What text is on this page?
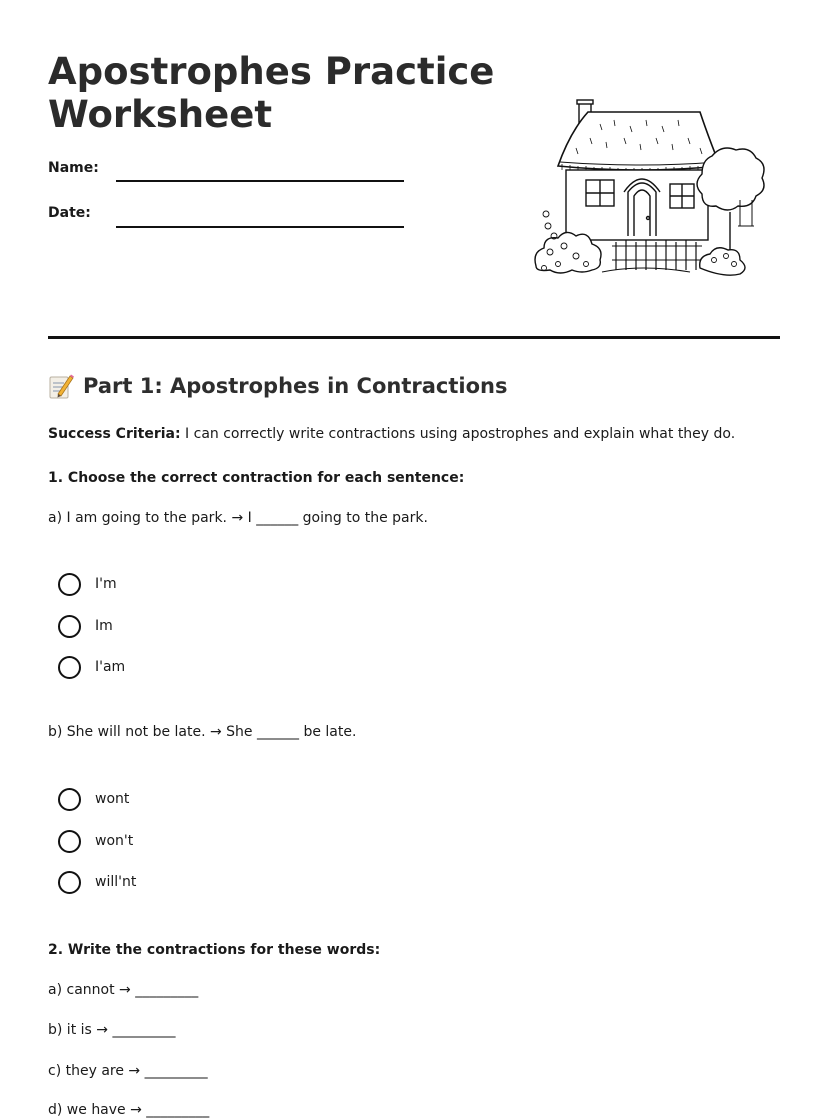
Apostrophes Practice Worksheet
Name:
Date:
Part 1: Apostrophes in Contractions
Success Criteria: I can correctly write contractions using apostrophes and explain what they do.
1. Choose the correct contraction for each sentence:
a) I am going to the park. → I ______ going to the park.
I'm
Im
I'am
b) She will not be late. → She ______ be late.
wont
won't
will'nt
2. Write the contractions for these words:
a) cannot → _________
b) it is → _________
c) they are → _________
d) we have → _________
